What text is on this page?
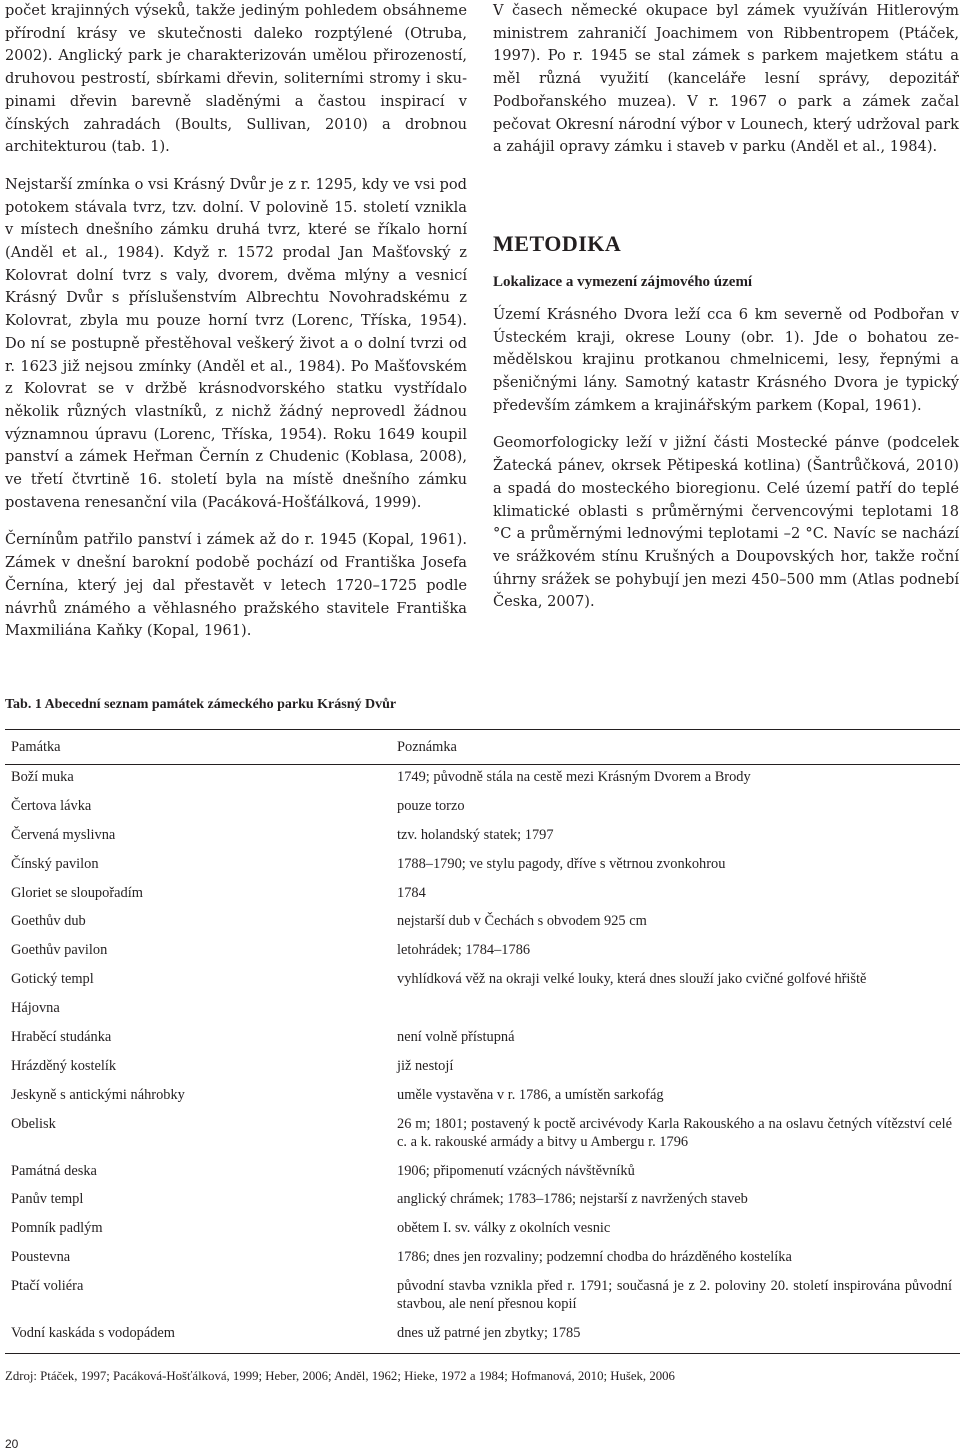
počet krajinných výseků, takže jediným pohledem obsáhneme přírodní krásy ve skutečnosti daleko rozptýlené (Otruba, 2002). Anglický park je charakterizován umělou přirozeností, druhovou pestrostí, sbírkami dřevin, soliterními stromy i skupinami dřevin barevně sladěnými a častou inspirací v čínských zahradách (Boults, Sullivan, 2010) a drobnou architekturou (tab. 1).

Nejstarší zmínka o vsi Krásný Dvůr je z r. 1295, kdy ve vsi pod potokem stávala tvrz, tzv. dolní. V polovině 15. století vznikla v místech dnešního zámku druhá tvrz, které se říkalo horní (Anděl et al., 1984). Když r. 1572 prodal Jan Mašťovský z Kolovrat dolní tvrz s valy, dvorem, dvěma mlýny a vesnicí Krásný Dvůr s příslušenstvím Albrechtu Novohradskému z Kolovrat, zbyla mu pouze horní tvrz (Lorenc, Tříska, 1954). Do ní se postupně přestěhoval veškerý život a o dolní tvrzi od r. 1623 již nejsou zmínky (Anděl et al., 1984). Po Mašťovském z Kolovrat se v držbě krásnodvorského statku vystřídalo několik různých vlastníků, z nichž žádný neprovedl žádnou významnou úpravu (Lorenc, Tříska, 1954). Roku 1649 koupil panství a zámek Heřman Černín z Chudenic (Koblasa, 2008), ve třetí čtvrtině 16. století byla na místě dnešního zámku postavena renesanční vila (Pacáková-Hošťálková, 1999).

Černínům patřilo panství i zámek až do r. 1945 (Kopal, 1961). Zámek v dnešní barokní podobě pochází od Františka Josefa Černína, který jej dal přestavět v letech 1720–1725 podle návrhů známého a věhlasného pražského stavitele Františka Maxmiliána Kaňky (Kopal, 1961).

V časech německé okupace byl zámek využíván Hitlerovým ministrem zahraničí Joachimem von Ribbentropem (Ptáček, 1997). Po r. 1945 se stal zámek s parkem majetkem státu a měl různá využití (kanceláře lesní správy, depozitář Podbořanského muzea). V r. 1967 o park a zámek začal pečovat Okresní národní výbor v Lounech, který udržoval park a zahájil opravy zámku i staveb v parku (Anděl et al., 1984).

METODIKA
Lokalizace a vymezení zájmového území

Území Krásného Dvora leží cca 6 km severně od Podbořan v Ústeckém kraji, okrese Louny (obr. 1). Jde o bohatou zemědělskou krajinu protkanou chmelnicemi, lesy, řepnými a pšeničnými lány. Samotný katastr Krásného Dvora je typický především zámkem a krajinářským parkem (Kopal, 1961).

Geomorfologicky leží v jižní části Mostecké pánve (podcelek Žatecká pánev, okrsek Pětipeská kotlina) (Šantrůčková, 2010) a spadá do mosteckého bioregionu. Celé území patří do teplé klimatické oblasti s průměrnými červencovými teplotami 18 °C a průměrnými lednovými teplotami –2 °C. Navíc se nachází ve srážkovém stínu Krušných a Doupovských hor, takže roční úhrny srážek se pohybují jen mezi 450–500 mm (Atlas podnebí Česka, 2007).

Tab. 1 Abecední seznam památek zámeckého parku Krásný Dvůr
Památka	Poznámka
Boží muka	1749; původně stála na cestě mezi Krásným Dvorem a Brody
Čertova lávka	pouze torzo
Červená myslivna	tzv. holandský statek; 1797
Čínský pavilon	1788–1790; ve stylu pagody, dříve s větrnou zvonkohrou
Gloriet se sloupořadím	1784
Goethův dub	nejstarší dub v Čechách s obvodem 925 cm
Goethův pavilon	letohrádek; 1784–1786
Gotický templ	vyhlídková věž na okraji velké louky, která dnes slouží jako cvičné golfové hřiště
Hájovna
Hraběcí studánka	není volně přístupná
Hrázděný kostelík	již nestojí
Jeskyně s antickými náhrobky	uměle vystavěna v r. 1786, a umístěn sarkofág
Obelisk	26 m; 1801; postavený k poctě arcivévody Karla Rakouského a na oslavu četných vítězství celé c. a k. rakouské armády a bitvy u Ambergu r. 1796
Památná deska	1906; připomenutí vzácných návštěvníků
Panův templ	anglický chrámek; 1783–1786; nejstarší z navržených staveb
Pomník padlým	obětem I. sv. války z okolních vesnic
Poustevna	1786; dnes jen rozvaliny; podzemní chodba do hrázděného kostelíka
Ptačí voliéra	původní stavba vznikla před r. 1791; současná je z 2. poloviny 20. století inspirována původní stavbou, ale není přesnou kopií
Vodní kaskáda s vodopádem	dnes už patrné jen zbytky; 1785
Zdroj: Ptáček, 1997; Pacáková-Hošťálková, 1999; Heber, 2006; Anděl, 1962; Hieke, 1972 a 1984; Hofmanová, 2010; Hušek, 2006
20
